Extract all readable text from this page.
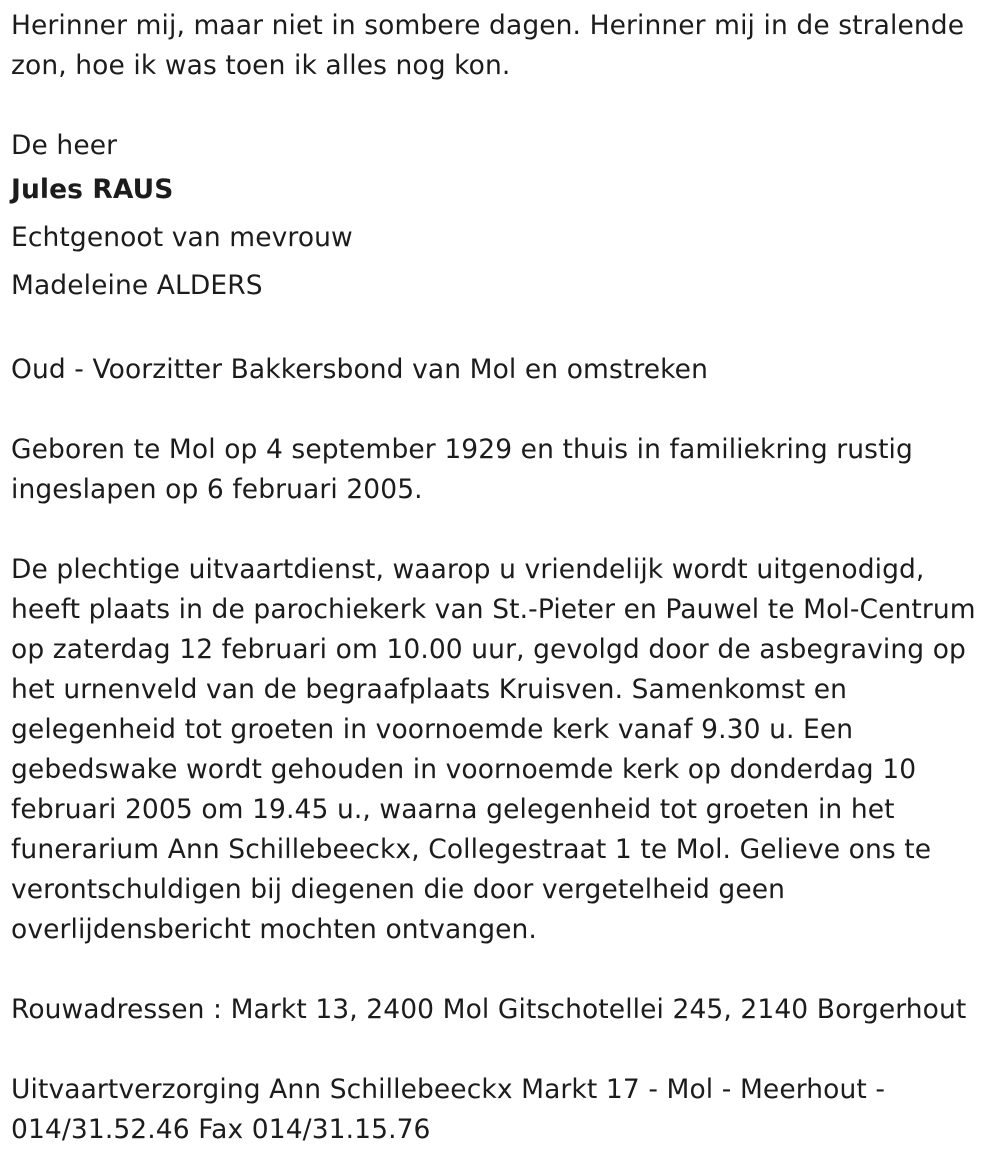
Herinner mij, maar niet in sombere dagen. Herinner mij in de stralende
zon, hoe ik was toen ik alles nog kon.

De heer
Jules RAUS
Echtgenoot van mevrouw
Madeleine ALDERS

Oud - Voorzitter Bakkersbond van Mol en omstreken

Geboren te Mol op 4 september 1929 en thuis in familiekring rustig
ingeslapen op 6 februari 2005.

De plechtige uitvaartdienst, waarop u vriendelijk wordt uitgenodigd,
heeft plaats in de parochiekerk van St.-Pieter en Pauwel te Mol-Centrum
op zaterdag 12 februari om 10.00 uur, gevolgd door de asbegraving op
het urnenveld van de begraafplaats Kruisven. Samenkomst en
gelegenheid tot groeten in voornoemde kerk vanaf 9.30 u. Een
gebedswake wordt gehouden in voornoemde kerk op donderdag 10
februari 2005 om 19.45 u., waarna gelegenheid tot groeten in het
funerarium Ann Schillebeeckx, Collegestraat 1 te Mol. Gelieve ons te
verontschuldigen bij diegenen die door vergetelheid geen
overlijdensbericht mochten ontvangen.

Rouwadressen : Markt 13, 2400 Mol Gitschotellei 245, 2140 Borgerhout

Uitvaartverzorging Ann Schillebeeckx Markt 17 - Mol - Meerhout -
014/31.52.46 Fax 014/31.15.76
